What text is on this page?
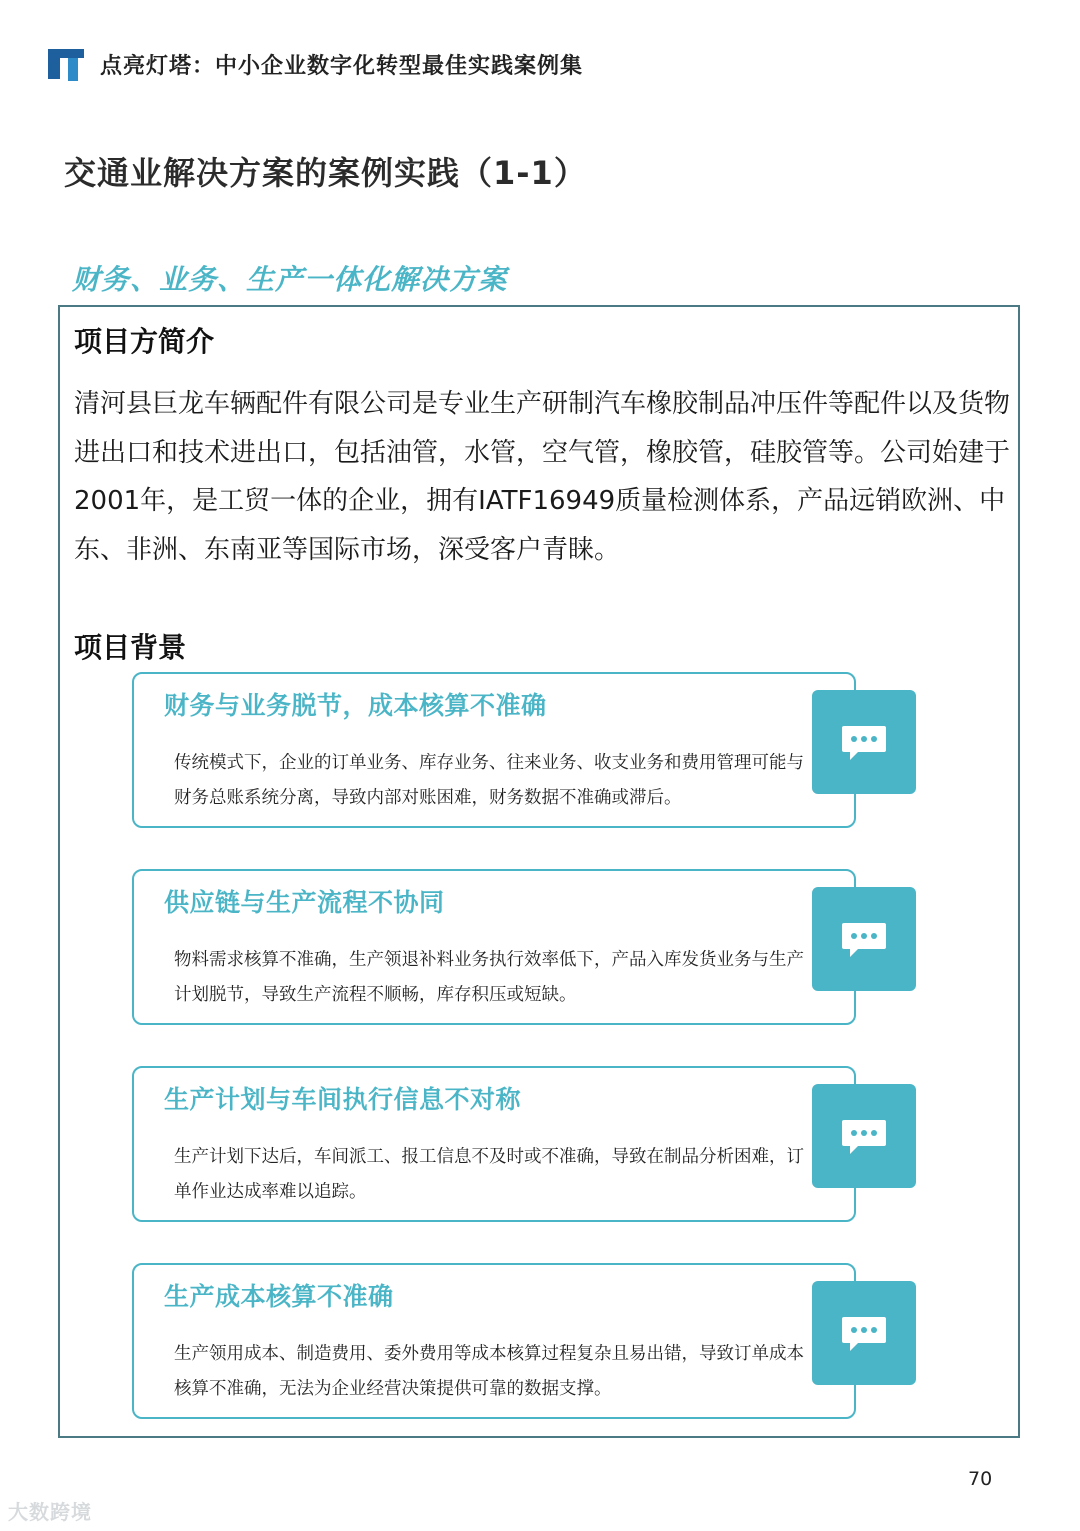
点亮灯塔：中小企业数字化转型最佳实践案例集
交通业解决方案的案例实践（1-1）
财务、业务、生产一体化解决方案
项目方简介
清河县巨龙车辆配件有限公司是专业生产研制汽车橡胶制品冲压件等配件以及货物进出口和技术进出口，包括油管，水管，空气管，橡胶管，硅胶管等。公司始建于2001年，是工贸一体的企业，拥有IATF16949质量检测体系，产品远销欧洲、中东、非洲、东南亚等国际市场，深受客户青睐。
项目背景
财务与业务脱节，成本核算不准确
传统模式下，企业的订单业务、库存业务、往来业务、收支业务和费用管理可能与财务总账系统分离，导致内部对账困难，财务数据不准确或滞后。
供应链与生产流程不协同
物料需求核算不准确，生产领退补料业务执行效率低下，产品入库发货业务与生产计划脱节，导致生产流程不顺畅，库存积压或短缺。
生产计划与车间执行信息不对称
生产计划下达后，车间派工、报工信息不及时或不准确，导致在制品分析困难，订单作业达成率难以追踪。
生产成本核算不准确
生产领用成本、制造费用、委外费用等成本核算过程复杂且易出错，导致订单成本核算不准确，无法为企业经营决策提供可靠的数据支撑。
70
大数跨境
